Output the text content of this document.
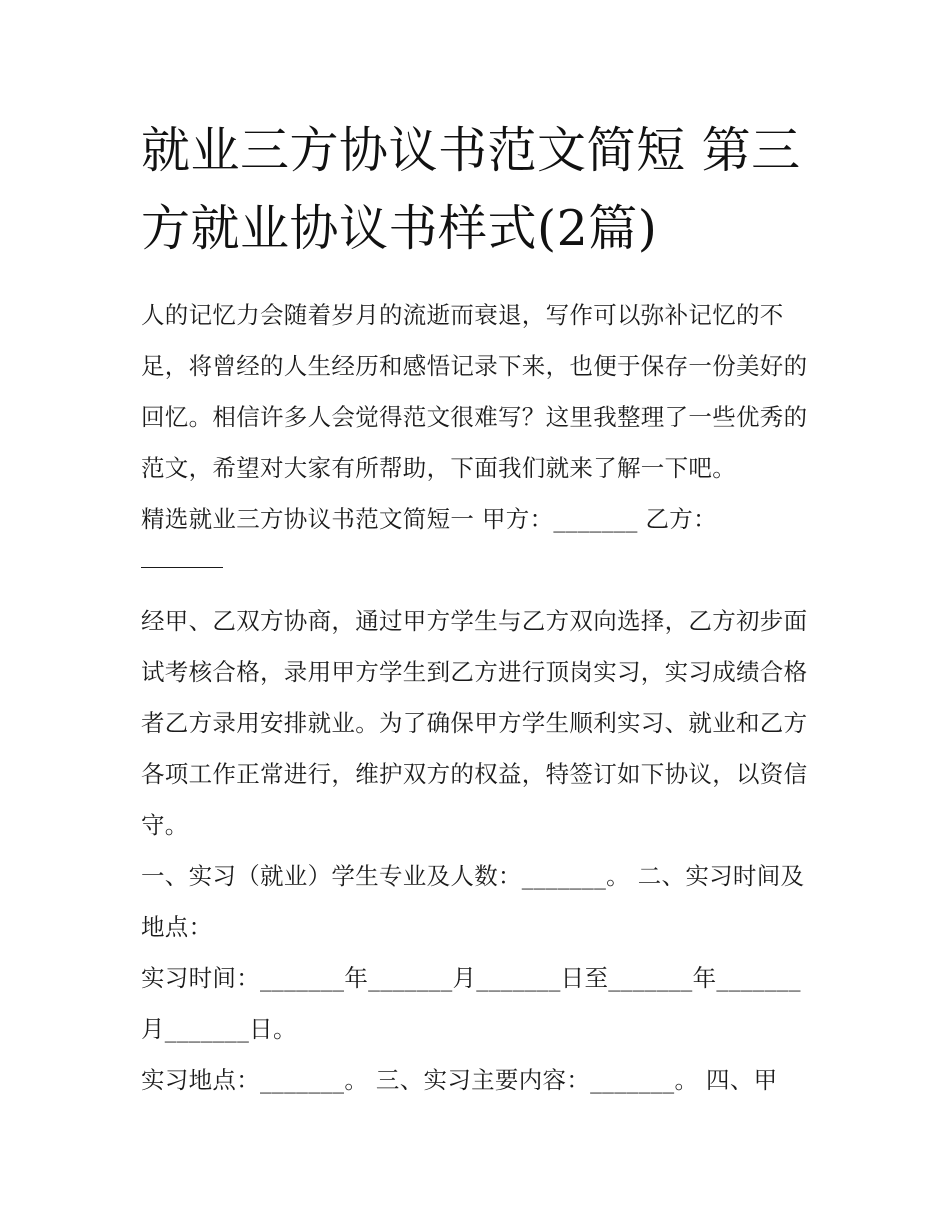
就业三方协议书范文简短 第三方就业协议书样式(2篇)

人的记忆力会随着岁月的流逝而衰退，写作可以弥补记忆的不足，将曾经的人生经历和感悟记录下来，也便于保存一份美好的回忆。相信许多人会觉得范文很难写？这里我整理了一些优秀的范文，希望对大家有所帮助，下面我们就来了解一下吧。

精选就业三方协议书范文简短一 甲方：_______ 乙方：

经甲、乙双方协商，通过甲方学生与乙方双向选择，乙方初步面试考核合格，录用甲方学生到乙方进行顶岗实习，实习成绩合格者乙方录用安排就业。为了确保甲方学生顺利实习、就业和乙方各项工作正常进行，维护双方的权益，特签订如下协议，以资信守。

一、实习（就业）学生专业及人数：_______。 二、实习时间及地点：

实习时间：_______年_______月_______日至_______年_______月_______日。

实习地点：_______。 三、实习主要内容：_______。 四、甲
